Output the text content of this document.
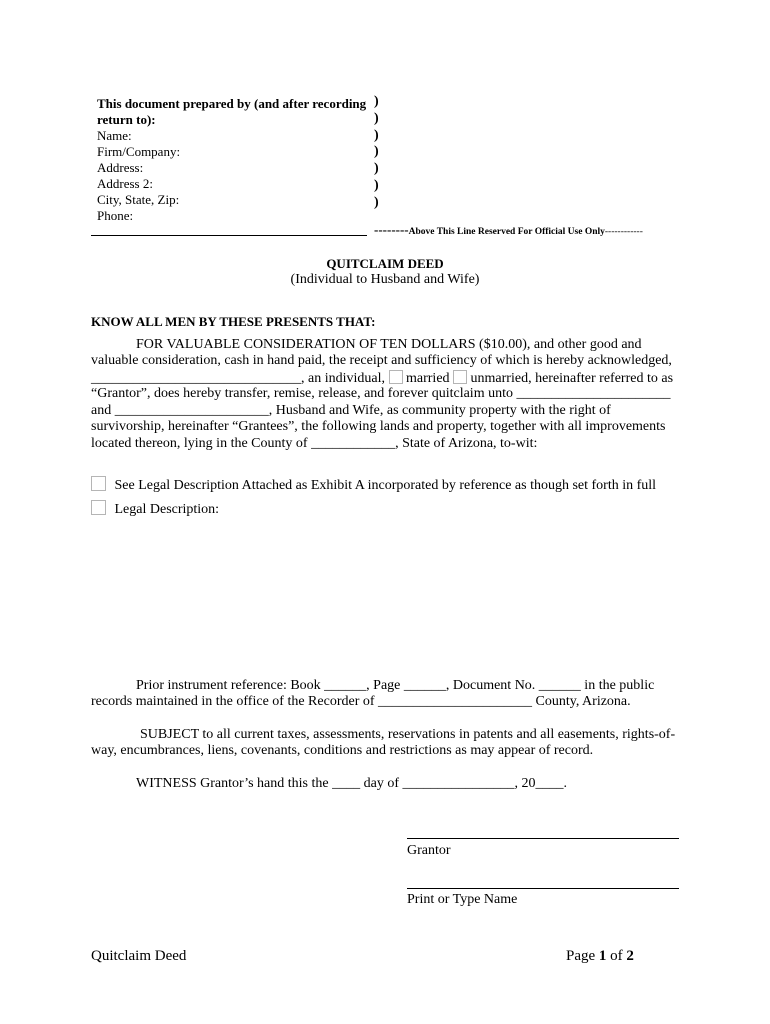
This document prepared by (and after recording
return to):
Name:
Firm/Company:
Address:
Address 2:
City, State, Zip:
Phone:
)
)
)
)
)
)
)
--------Above This Line Reserved For Official Use Only------------
QUITCLAIM DEED
(Individual to Husband and Wife)
KNOW ALL MEN BY THESE PRESENTS THAT:
FOR VALUABLE CONSIDERATION OF TEN DOLLARS ($10.00), and other good and
valuable consideration, cash in hand paid, the receipt and sufficiency of which is hereby acknowledged,
______________________________, an individual, married unmarried, hereinafter referred to as
“Grantor”, does hereby transfer, remise, release, and forever quitclaim unto ______________________
and ______________________, Husband and Wife, as community property with the right of
survivorship, hereinafter “Grantees”, the following lands and property, together with all improvements
located thereon, lying in the County of ____________, State of Arizona, to-wit:
See Legal Description Attached as Exhibit A incorporated by reference as though set forth in full
Legal Description:
Prior instrument reference: Book ______, Page ______, Document No. ______ in the public
records maintained in the office of the Recorder of ______________________ County, Arizona.
SUBJECT to all current taxes, assessments, reservations in patents and all easements, rights-of-
way, encumbrances, liens, covenants, conditions and restrictions as may appear of record.
WITNESS Grantor’s hand this the ____ day of ________________, 20____.
Grantor
Print or Type Name
Quitclaim Deed	Page 1 of 2
